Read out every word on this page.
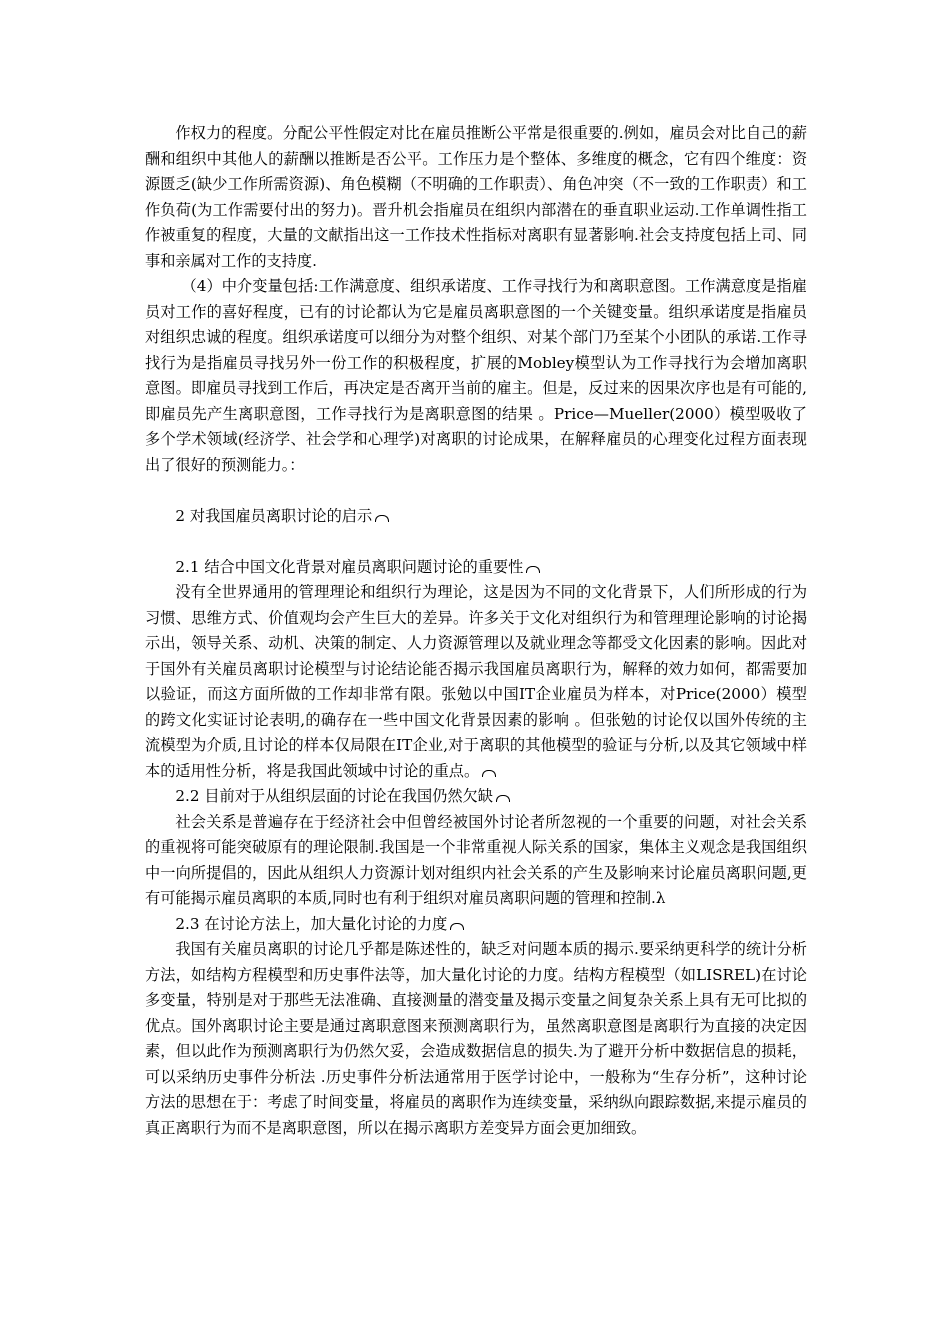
作权力的程度。分配公平性假定对比在雇员推断公平常是很重要的.例如，雇员会对比自己的薪酬和组织中其他人的薪酬以推断是否公平。工作压力是个整体、多维度的概念，它有四个维度：资源匮乏(缺少工作所需资源)、角色模糊（不明确的工作职责）、角色冲突（不一致的工作职责）和工作负荷(为工作需要付出的努力)。晋升机会指雇员在组织内部潜在的垂直职业运动.工作单调性指工作被重复的程度，大量的文献指出这一工作技术性指标对离职有显著影响.社会支持度包括上司、同事和亲属对工作的支持度.

（4）中介变量包括:工作满意度、组织承诺度、工作寻找行为和离职意图。工作满意度是指雇员对工作的喜好程度，已有的讨论都认为它是雇员离职意图的一个关键变量。组织承诺度是指雇员对组织忠诚的程度。组织承诺度可以细分为对整个组织、对某个部门乃至某个小团队的承诺.工作寻找行为是指雇员寻找另外一份工作的积极程度，扩展的Mobley模型认为工作寻找行为会增加离职意图。即雇员寻找到工作后，再决定是否离开当前的雇主。但是，反过来的因果次序也是有可能的,即雇员先产生离职意图，工作寻找行为是离职意图的结果 。Price—Mueller(2000）模型吸收了多个学术领域(经济学、社会学和心理学)对离职的讨论成果，在解释雇员的心理变化过程方面表现出了很好的预测能力。：

2 对我国雇员离职讨论的启示

2.1 结合中国文化背景对雇员离职问题讨论的重要性

没有全世界通用的管理理论和组织行为理论，这是因为不同的文化背景下，人们所形成的行为习惯、思维方式、价值观均会产生巨大的差异。许多关于文化对组织行为和管理理论影响的讨论揭示出，领导关系、动机、决策的制定、人力资源管理以及就业理念等都受文化因素的影响。因此对于国外有关雇员离职讨论模型与讨论结论能否揭示我国雇员离职行为，解释的效力如何，都需要加以验证，而这方面所做的工作却非常有限。张勉以中国IT企业雇员为样本，对Price(2000）模型的跨文化实证讨论表明,的确存在一些中国文化背景因素的影响 。但张勉的讨论仅以国外传统的主流模型为介质,且讨论的样本仅局限在IT企业,对于离职的其他模型的验证与分析,以及其它领域中样本的适用性分析，将是我国此领域中讨论的重点。

2.2 目前对于从组织层面的讨论在我国仍然欠缺

社会关系是普遍存在于经济社会中但曾经被国外讨论者所忽视的一个重要的问题，对社会关系的重视将可能突破原有的理论限制.我国是一个非常重视人际关系的国家，集体主义观念是我国组织中一向所提倡的，因此从组织人力资源计划对组织内社会关系的产生及影响来讨论雇员离职问题,更有可能揭示雇员离职的本质,同时也有利于组织对雇员离职问题的管理和控制.λ

2.3 在讨论方法上，加大量化讨论的力度

我国有关雇员离职的讨论几乎都是陈述性的，缺乏对问题本质的揭示.要采纳更科学的统计分析方法，如结构方程模型和历史事件法等，加大量化讨论的力度。结构方程模型（如LISREL)在讨论多变量，特别是对于那些无法准确、直接测量的潜变量及揭示变量之间复杂关系上具有无可比拟的优点。国外离职讨论主要是通过离职意图来预测离职行为，虽然离职意图是离职行为直接的决定因素，但以此作为预测离职行为仍然欠妥，会造成数据信息的损失.为了避开分析中数据信息的损耗，可以采纳历史事件分析法 .历史事件分析法通常用于医学讨论中，一般称为“生存分析”，这种讨论方法的思想在于：考虑了时间变量，将雇员的离职作为连续变量，采纳纵向跟踪数据,来提示雇员的真正离职行为而不是离职意图，所以在揭示离职方差变异方面会更加细致。
